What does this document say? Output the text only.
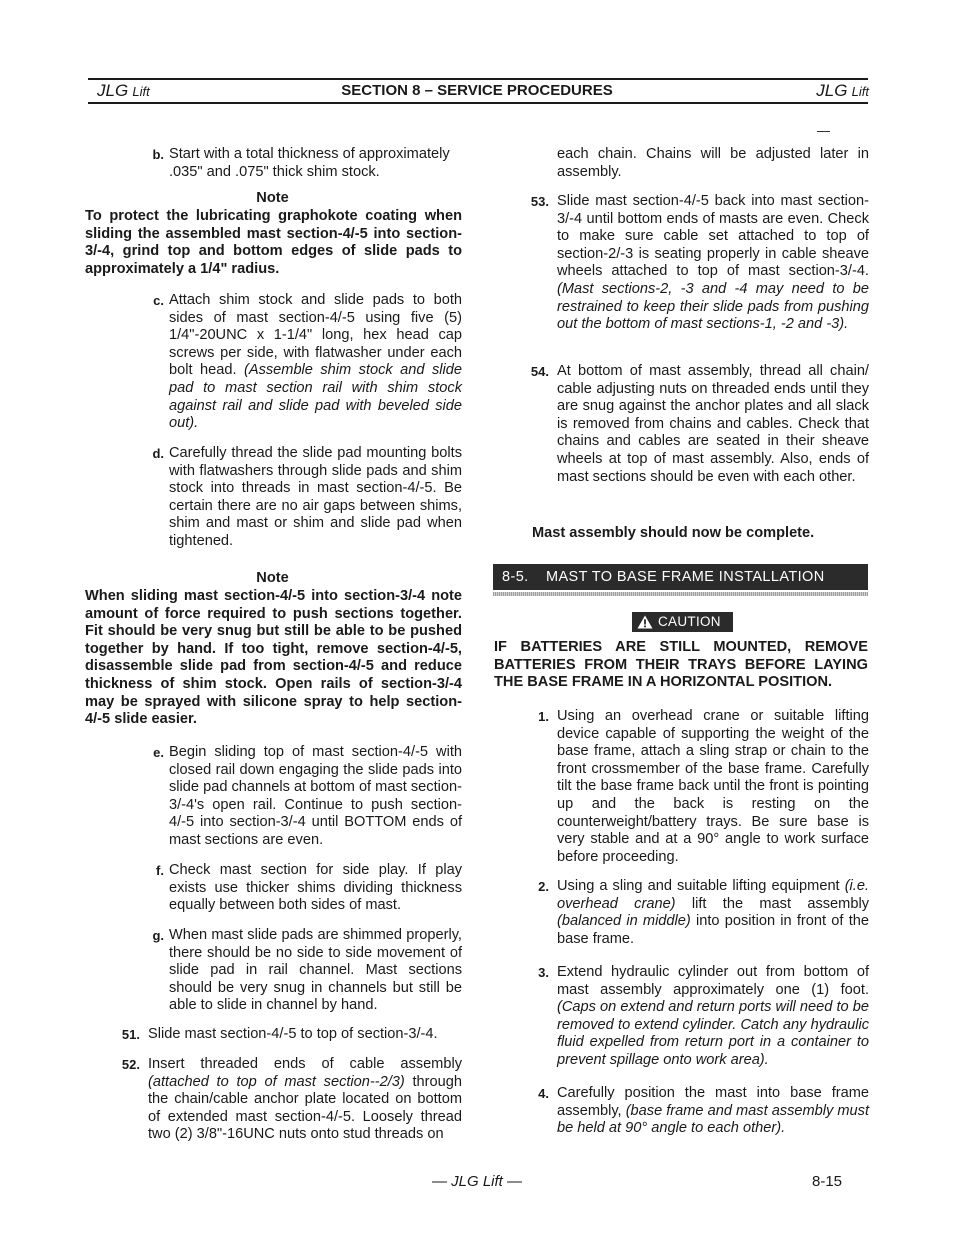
JLG Lift	SECTION 8 – SERVICE PROCEDURES	JLG Lift
b. Start with a total thickness of approximately
.035" and .075" thick shim stock.
Note
To protect the lubricating graphokote coating when sliding the assembled mast section-4/-5 into section-3/-4, grind top and bottom edges of slide pads to approximately a 1/4" radius.
c. Attach shim stock and slide pads to both sides of mast section-4/-5 using five (5) 1/4"-20UNC x 1-1/4" long, hex head cap screws per side, with flatwasher under each bolt head. (Assemble shim stock and slide pad to mast section rail with shim stock against rail and slide pad with beveled side out).
d. Carefully thread the slide pad mounting bolts with flatwashers through slide pads and shim stock into threads in mast section-4/-5. Be certain there are no air gaps between shims, shim and mast or shim and slide pad when tightened.
Note
When sliding mast section-4/-5 into section-3/-4 note amount of force required to push sections together. Fit should be very snug but still be able to be pushed together by hand. If too tight, remove section-4/-5, disassemble slide pad from section-4/-5 and reduce thickness of shim stock. Open rails of section-3/-4 may be sprayed with silicone spray to help section-4/-5 slide easier.
e. Begin sliding top of mast section-4/-5 with closed rail down engaging the slide pads into slide pad channels at bottom of mast section-3/-4's open rail. Continue to push section-4/-5 into section-3/-4 until BOTTOM ends of mast sections are even.
f. Check mast section for side play. If play exists use thicker shims dividing thickness equally between both sides of mast.
g. When mast slide pads are shimmed properly, there should be no side to side movement of slide pad in rail channel. Mast sections should be very snug in channels but still be able to slide in channel by hand.
51. Slide mast section-4/-5 to top of section-3/-4.
52. Insert threaded ends of cable assembly (attached to top of mast section--2/3) through the chain/cable anchor plate located on bottom of extended mast section-4/-5. Loosely thread two (2) 3/8"-16UNC nuts onto stud threads on
each chain. Chains will be adjusted later in assembly.
53. Slide mast section-4/-5 back into mast section-3/-4 until bottom ends of masts are even. Check to make sure cable set attached to top of section-2/-3 is seating properly in cable sheave wheels attached to top of mast section-3/-4. (Mast sections-2, -3 and -4 may need to be restrained to keep their slide pads from pushing out the bottom of mast sections-1, -2 and -3).
54. At bottom of mast assembly, thread all chain/ cable adjusting nuts on threaded ends until they are snug against the anchor plates and all slack is removed from chains and cables. Check that chains and cables are seated in their sheave wheels at top of mast assembly. Also, ends of mast sections should be even with each other.
Mast assembly should now be complete.
8-5. MAST TO BASE FRAME INSTALLATION
CAUTION
IF BATTERIES ARE STILL MOUNTED, REMOVE BATTERIES FROM THEIR TRAYS BEFORE LAYING THE BASE FRAME IN A HORIZONTAL POSITION.
1. Using an overhead crane or suitable lifting device capable of supporting the weight of the base frame, attach a sling strap or chain to the front crossmember of the base frame. Carefully tilt the base frame back until the front is pointing up and the back is resting on the counterweight/battery trays. Be sure base is very stable and at a 90° angle to work surface before proceeding.
2. Using a sling and suitable lifting equipment (i.e. overhead crane) lift the mast assembly (balanced in middle) into position in front of the base frame.
3. Extend hydraulic cylinder out from bottom of mast assembly approximately one (1) foot. (Caps on extend and return ports will need to be removed to extend cylinder. Catch any hydraulic fluid expelled from return port in a container to prevent spillage onto work area).
4. Carefully position the mast into base frame assembly, (base frame and mast assembly must be held at 90° angle to each other).
— JLG Lift —	8-15
